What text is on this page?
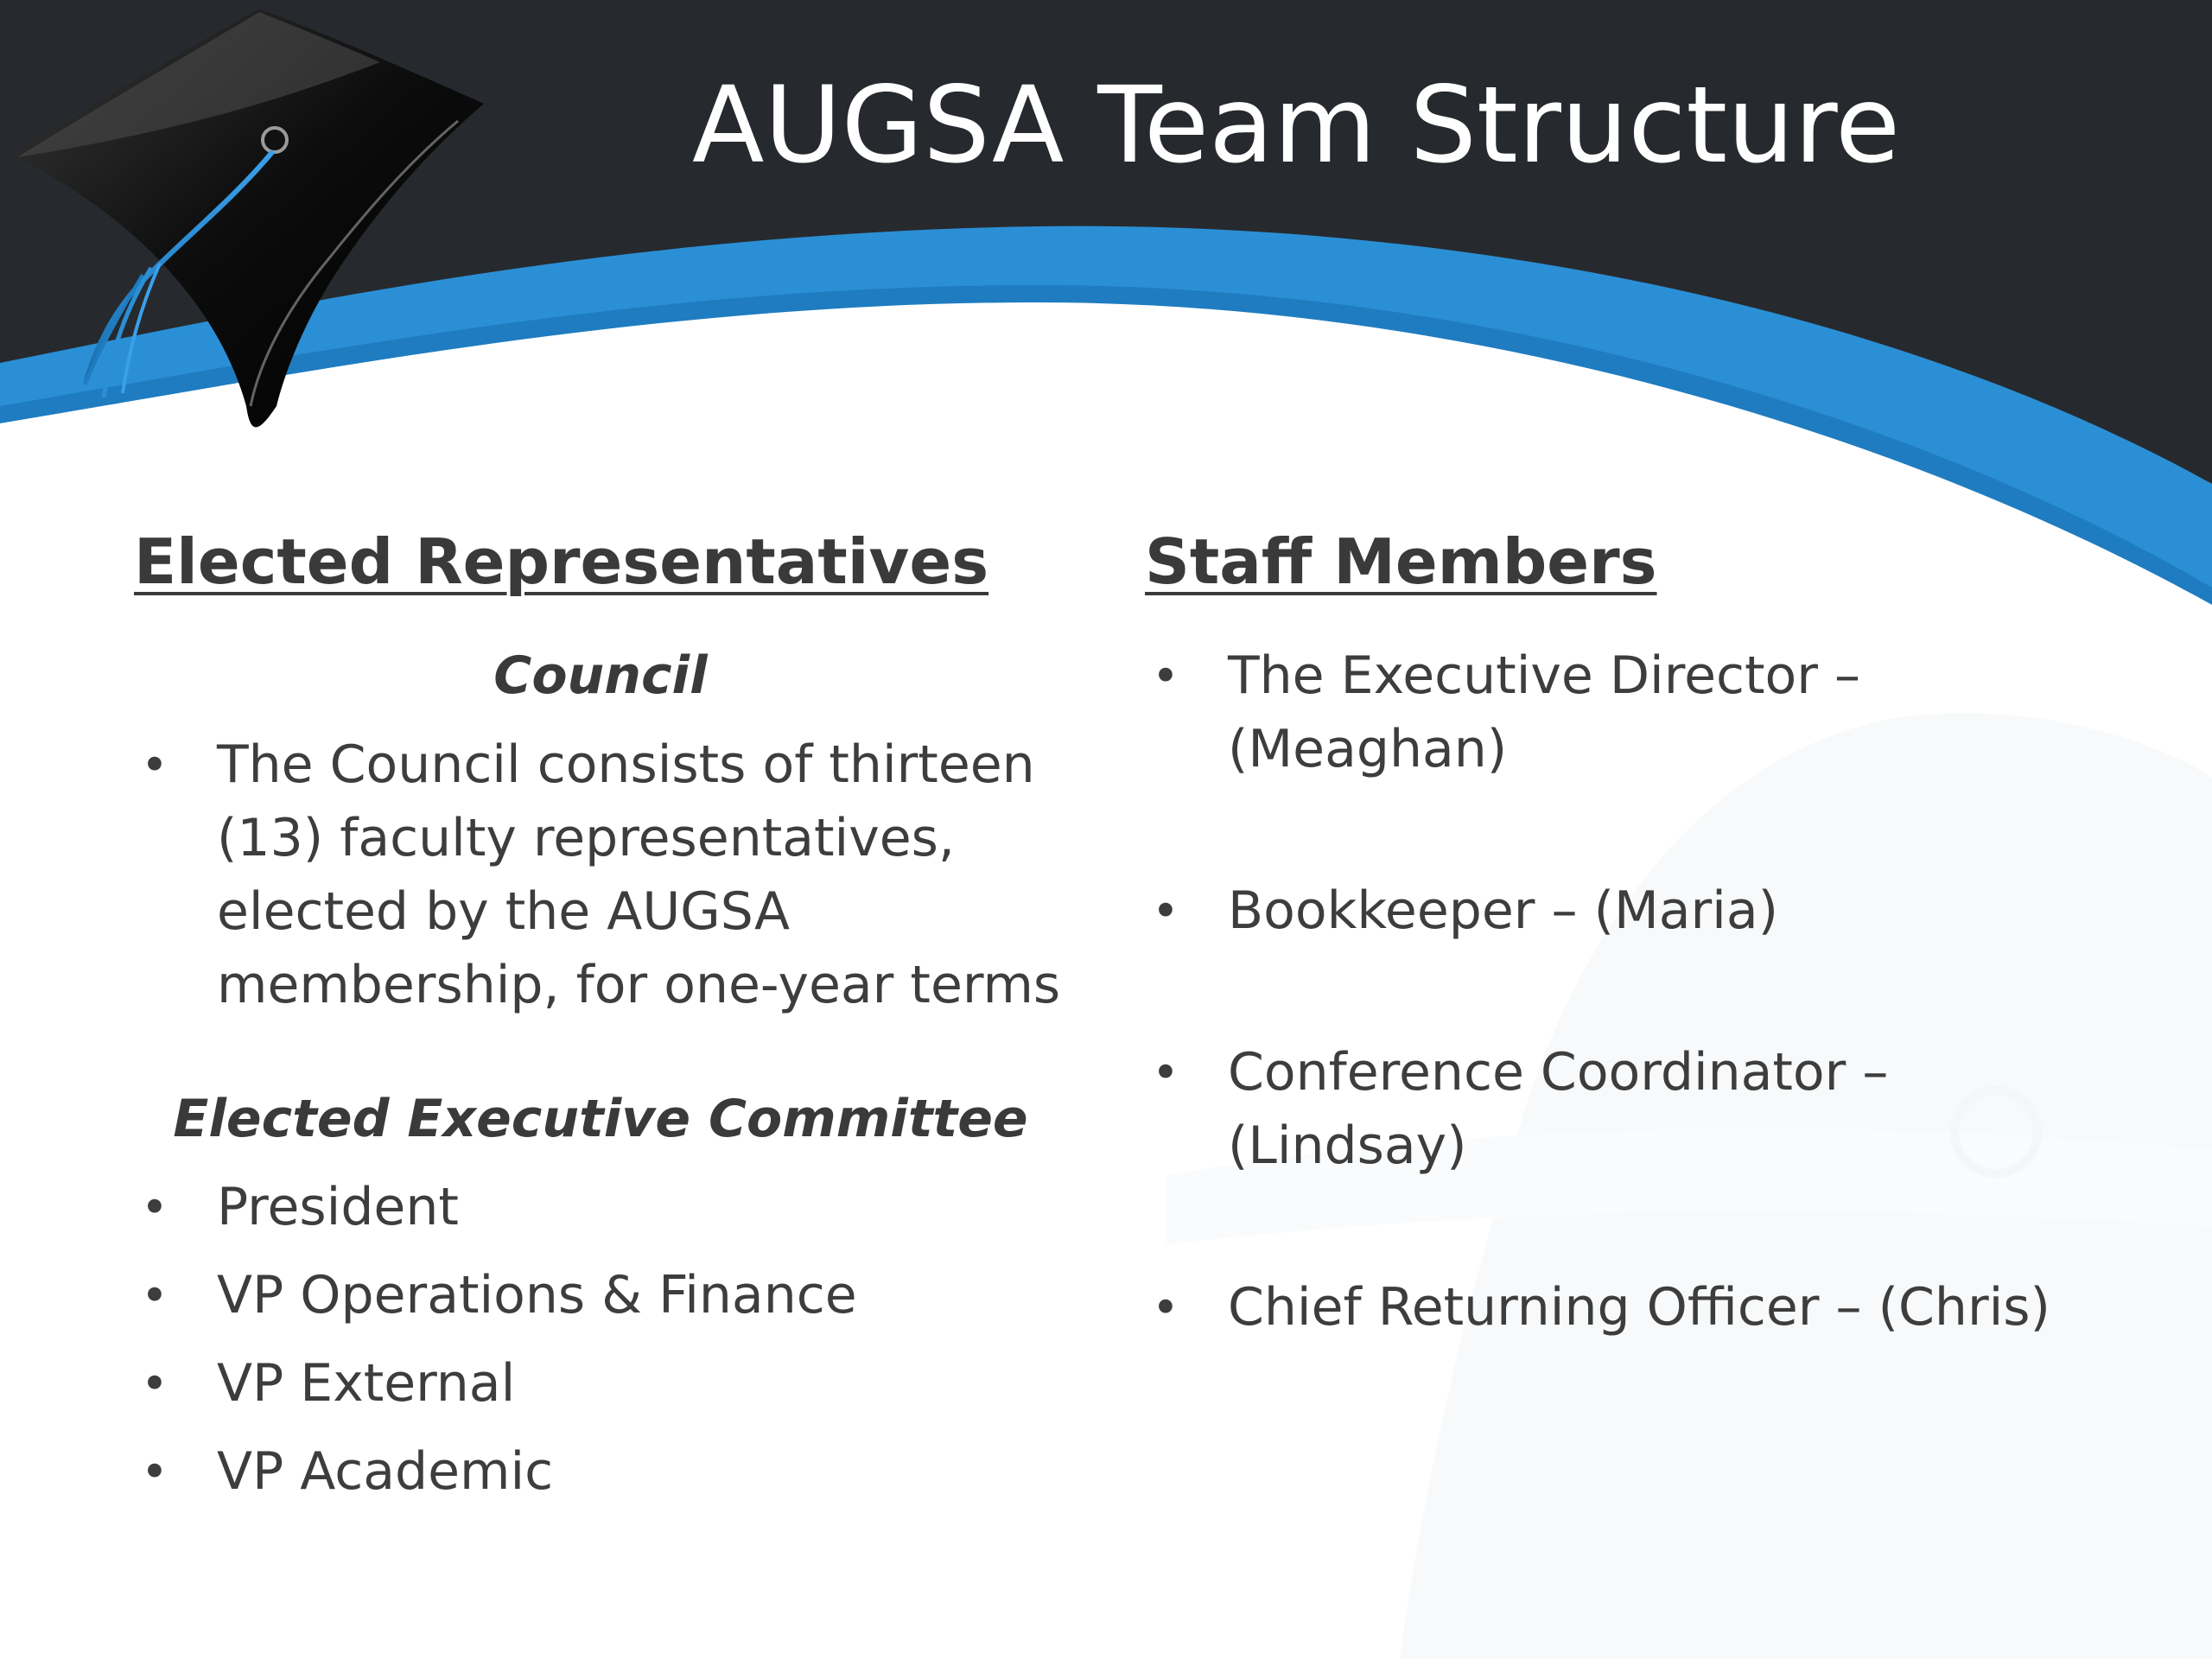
AUGSA Team Structure
Elected Representatives
Council
• The Council consists of thirteen
(13) faculty representatives,
elected by the AUGSA
membership, for one-year terms
Elected Executive Committee
• President
• VP Operations & Finance
• VP External
• VP Academic
Staff Members
• The Executive Director –
(Meaghan)
• Bookkeeper – (Maria)
• Conference Coordinator –
(Lindsay)
• Chief Returning Officer – (Chris)
